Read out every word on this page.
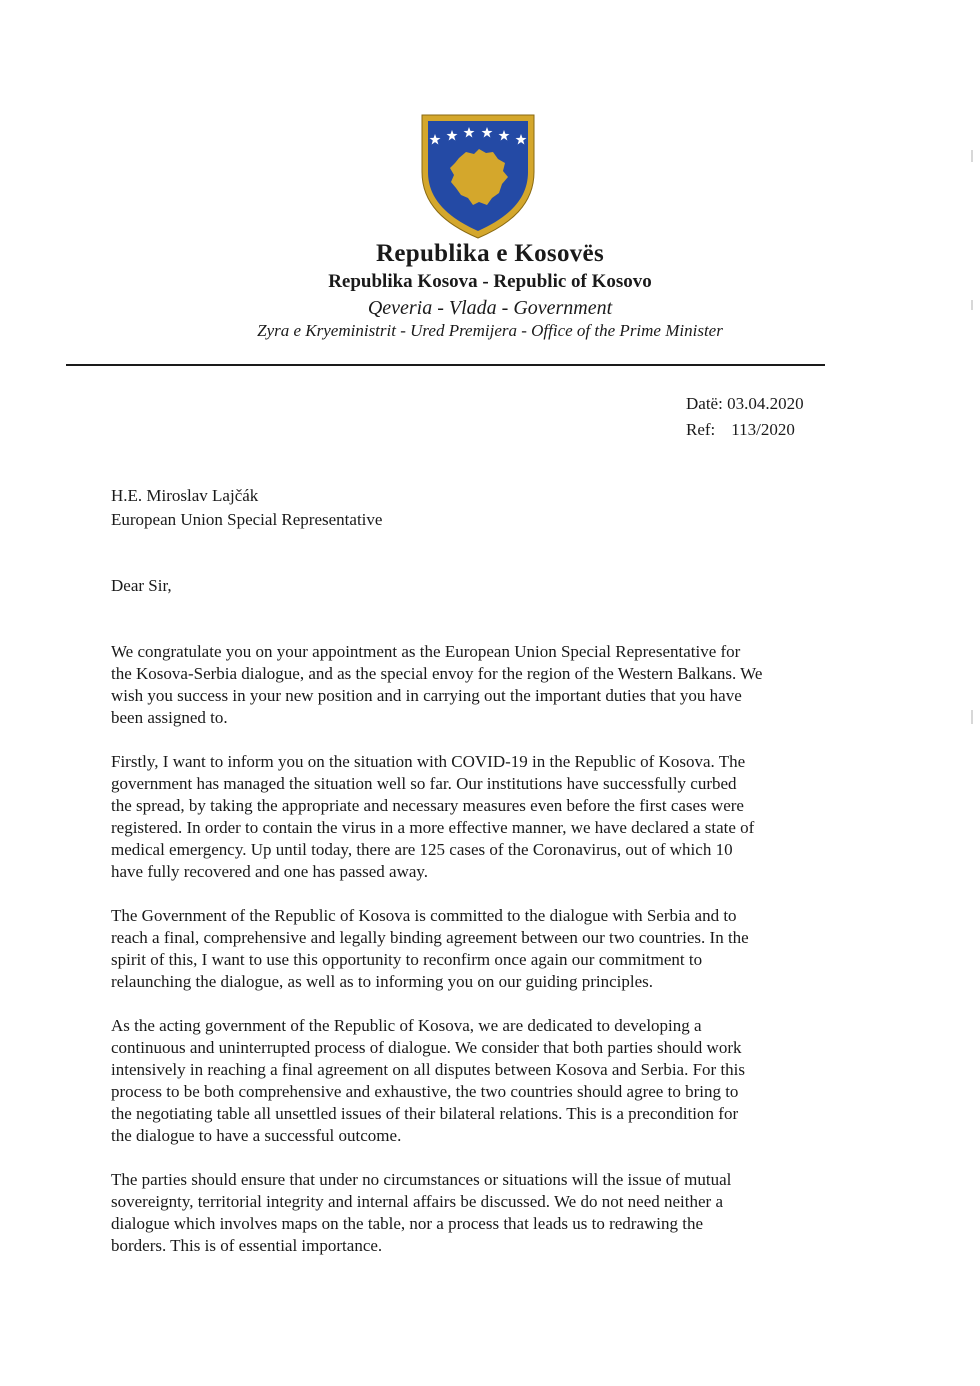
Republika e Kosovës
Republika Kosova - Republic of Kosovo
Qeveria - Vlada - Government
Zyra e Kryeministrit - Ured Premijera - Office of the Prime Minister
Datë: 03.04.2020
Ref: 113/2020
H.E. Miroslav Lajčák
European Union Special Representative
Dear Sir,

We congratulate you on your appointment as the European Union Special Representative for
the Kosova-Serbia dialogue, and as the special envoy for the region of the Western Balkans. We
wish you success in your new position and in carrying out the important duties that you have
been assigned to.

Firstly, I want to inform you on the situation with COVID-19 in the Republic of Kosova. The
government has managed the situation well so far. Our institutions have successfully curbed
the spread, by taking the appropriate and necessary measures even before the first cases were
registered. In order to contain the virus in a more effective manner, we have declared a state of
medical emergency. Up until today, there are 125 cases of the Coronavirus, out of which 10
have fully recovered and one has passed away.

The Government of the Republic of Kosova is committed to the dialogue with Serbia and to
reach a final, comprehensive and legally binding agreement between our two countries. In the
spirit of this, I want to use this opportunity to reconfirm once again our commitment to
relaunching the dialogue, as well as to informing you on our guiding principles.

As the acting government of the Republic of Kosova, we are dedicated to developing a
continuous and uninterrupted process of dialogue. We consider that both parties should work
intensively in reaching a final agreement on all disputes between Kosova and Serbia. For this
process to be both comprehensive and exhaustive, the two countries should agree to bring to
the negotiating table all unsettled issues of their bilateral relations. This is a precondition for
the dialogue to have a successful outcome.

The parties should ensure that under no circumstances or situations will the issue of mutual
sovereignty, territorial integrity and internal affairs be discussed. We do not need neither a
dialogue which involves maps on the table, nor a process that leads us to redrawing the
borders. This is of essential importance.
